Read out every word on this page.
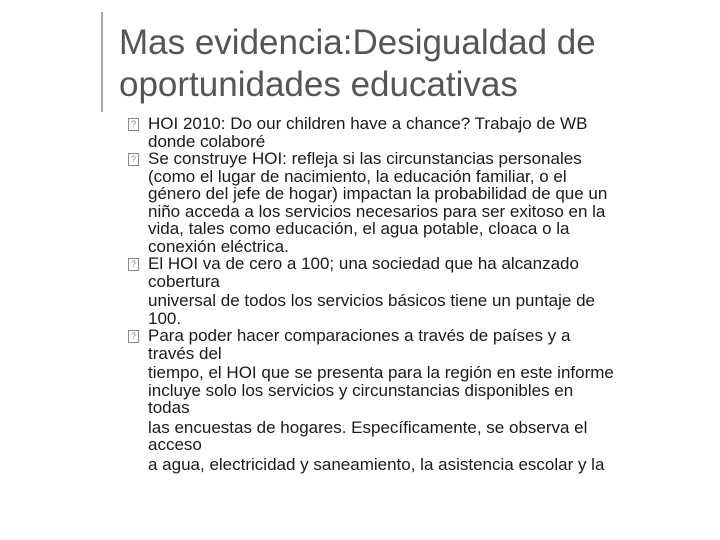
Mas evidencia:Desigualdad de
oportunidades educativas
? HOI 2010: Do our children have a chance? Trabajo de WB
donde colaboré
? Se construye HOI: refleja si las circunstancias personales
(como el lugar de nacimiento, la educación familiar, o el
género del jefe de hogar) impactan la probabilidad de que un
niño acceda a los servicios necesarios para ser exitoso en la
vida, tales como educación, el agua potable, cloaca o la
conexión eléctrica.
? El HOI va de cero a 100; una sociedad que ha alcanzado
cobertura
universal de todos los servicios básicos tiene un puntaje de
100.
? Para poder hacer comparaciones a través de países y a
través del
tiempo, el HOI que se presenta para la región en este informe
incluye solo los servicios y circunstancias disponibles en
todas
las encuestas de hogares. Específicamente, se observa el
acceso
a agua, electricidad y saneamiento, la asistencia escolar y la
